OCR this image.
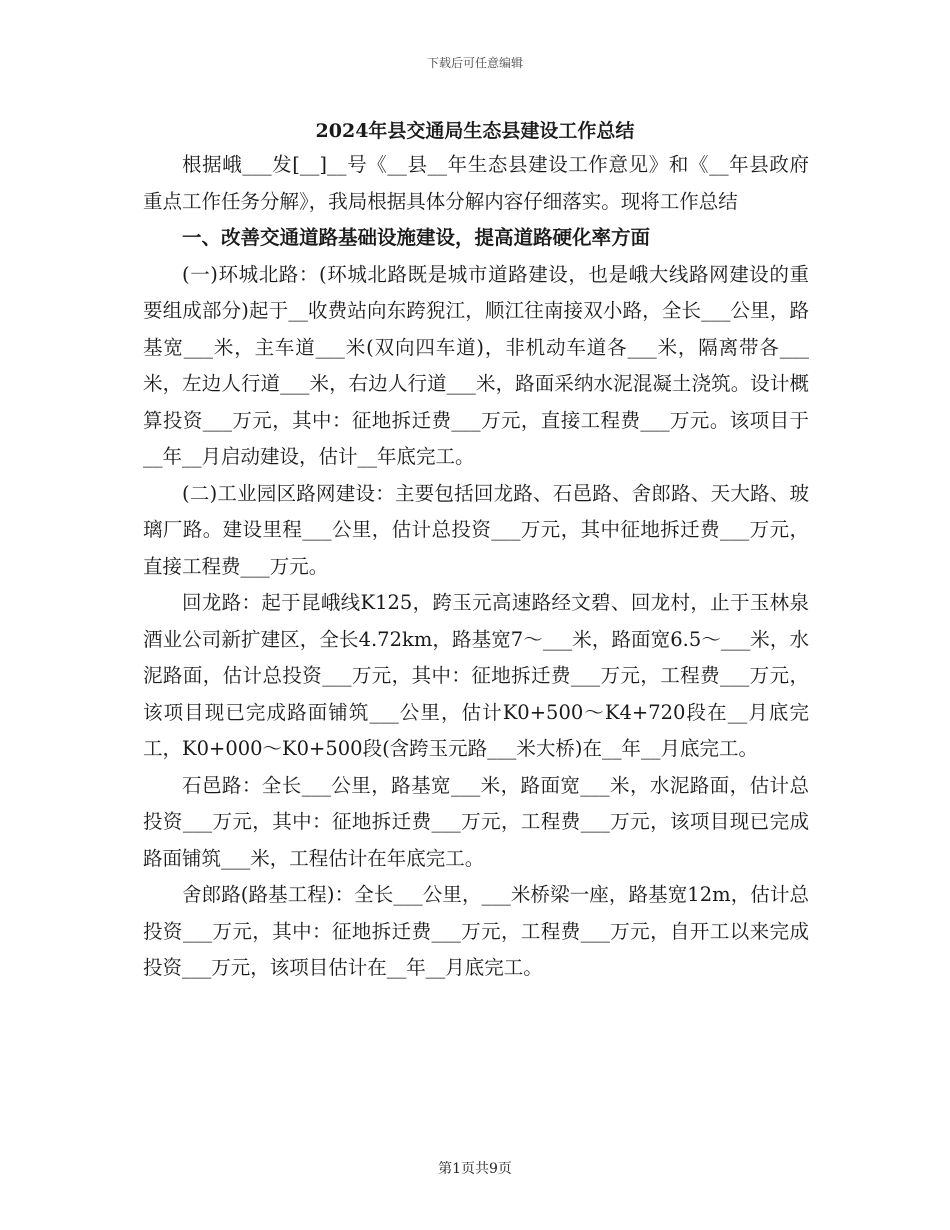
下载后可任意编辑
2024年县交通局生态县建设工作总结

根据峨___发[__]__号《__县__年生态县建设工作意见》和《__年县政府重点工作任务分解》，我局根据具体分解内容仔细落实。现将工作总结

一、改善交通道路基础设施建设，提高道路硬化率方面

(一)环城北路：(环城北路既是城市道路建设，也是峨大线路网建设的重要组成部分)起于__收费站向东跨猊江，顺江往南接双小路，全长___公里，路基宽___米，主车道___米(双向四车道)，非机动车道各___米，隔离带各___米，左边人行道___米，右边人行道___米，路面采纳水泥混凝土浇筑。设计概算投资___万元，其中：征地拆迁费___万元，直接工程费___万元。该项目于__年__月启动建设，估计__年底完工。

(二)工业园区路网建设：主要包括回龙路、石邑路、舍郎路、天大路、玻璃厂路。建设里程___公里，估计总投资___万元，其中征地拆迁费___万元，直接工程费___万元。

回龙路：起于昆峨线K125，跨玉元高速路经文碧、回龙村，止于玉林泉酒业公司新扩建区，全长4.72km，路基宽7～___米，路面宽6.5～___米，水泥路面，估计总投资___万元，其中：征地拆迁费___万元，工程费___万元，该项目现已完成路面铺筑___公里，估计K0+500～K4+720段在__月底完工，K0+000～K0+500段(含跨玉元路___米大桥)在__年__月底完工。

石邑路：全长___公里，路基宽___米，路面宽___米，水泥路面，估计总投资___万元，其中：征地拆迁费___万元，工程费___万元，该项目现已完成路面铺筑___米，工程估计在年底完工。

舍郎路(路基工程)：全长___公里，___米桥梁一座，路基宽12m，估计总投资___万元，其中：征地拆迁费___万元，工程费___万元，自开工以来完成投资___万元，该项目估计在__年__月底完工。

第1页共9页
